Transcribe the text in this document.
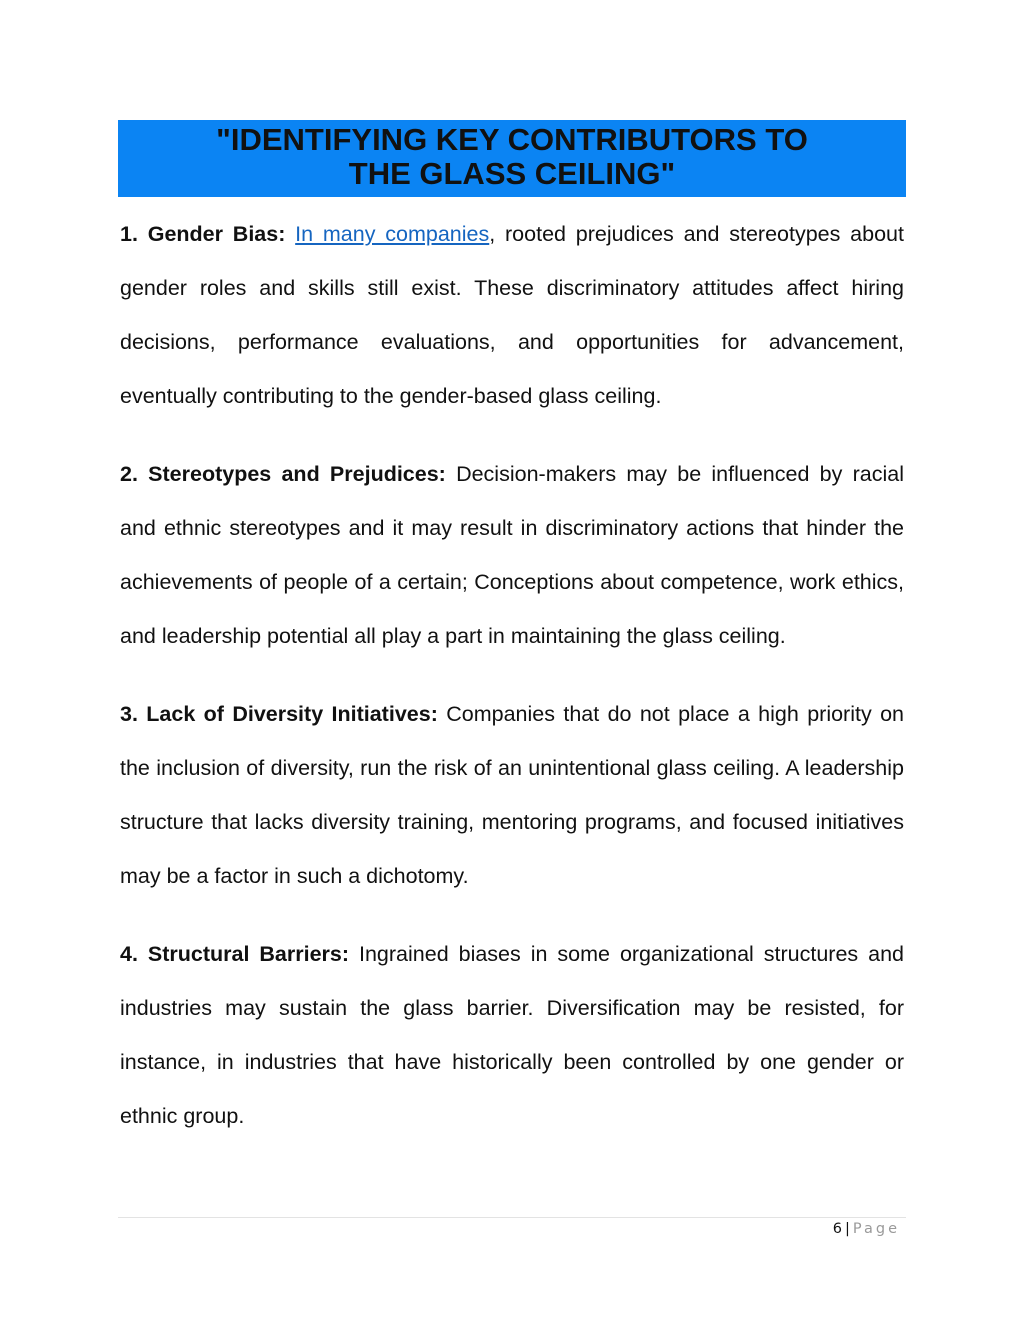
"IDENTIFYING KEY CONTRIBUTORS TO
THE GLASS CEILING"

1. Gender Bias: In many companies, rooted prejudices and stereotypes about gender roles and skills still exist. These discriminatory attitudes affect hiring decisions, performance evaluations, and opportunities for advancement, eventually contributing to the gender-based glass ceiling.

2. Stereotypes and Prejudices: Decision-makers may be influenced by racial and ethnic stereotypes and it may result in discriminatory actions that hinder the achievements of people of a certain; Conceptions about competence, work ethics, and leadership potential all play a part in maintaining the glass ceiling.

3. Lack of Diversity Initiatives: Companies that do not place a high priority on the inclusion of diversity, run the risk of an unintentional glass ceiling. A leadership structure that lacks diversity training, mentoring programs, and focused initiatives may be a factor in such a dichotomy.

4. Structural Barriers: Ingrained biases in some organizational structures and industries may sustain the glass barrier. Diversification may be resisted, for instance, in industries that have historically been controlled by one gender or ethnic group.

6 | Page
